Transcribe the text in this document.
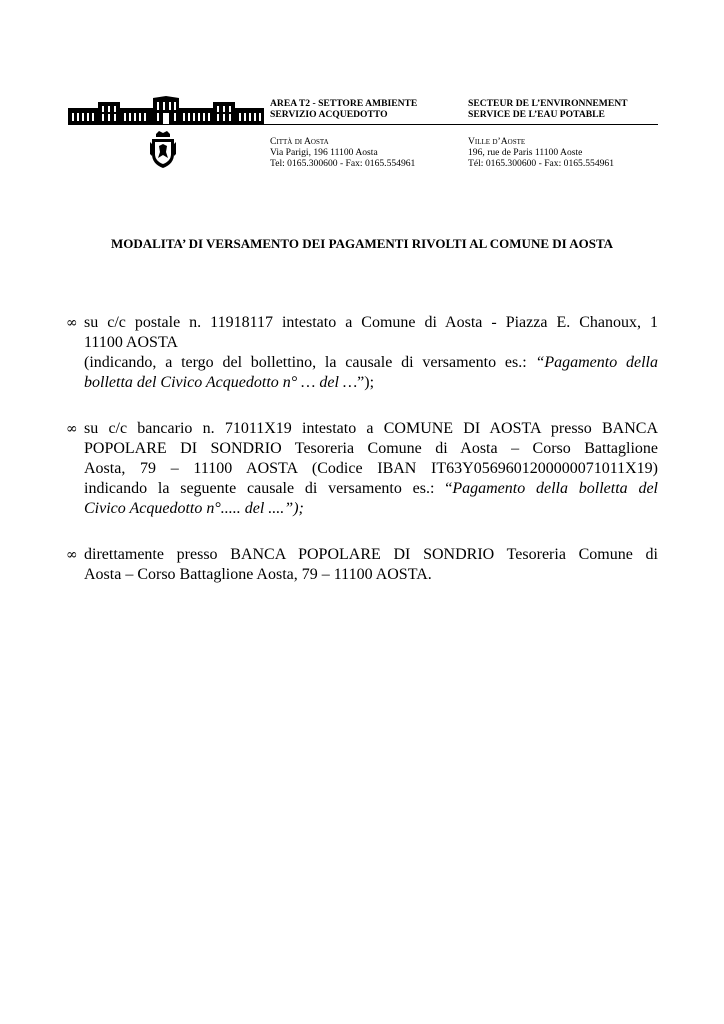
AREA T2 - SETTORE AMBIENTE
SERVIZIO ACQUEDOTTO
SECTEUR DE L’ENVIRONNEMENT
SERVICE DE L’EAU POTABLE
Città di Aosta
Via Parigi, 196 11100 Aosta
Tel: 0165.300600 - Fax: 0165.554961
Ville d’Aoste
196, rue de Paris 11100 Aoste
Tél: 0165.300600 - Fax: 0165.554961
MODALITA’ DI VERSAMENTO DEI PAGAMENTI RIVOLTI AL COMUNE DI AOSTA
∞ su c/c postale n. 11918117 intestato a Comune di Aosta - Piazza E. Chanoux, 1

11100 AOSTA

(indicando, a tergo del bollettino, la causale di versamento es.: “Pagamento della

bolletta del Civico Acquedotto n° … del …”);

∞ su c/c bancario n. 71011X19 intestato a COMUNE DI AOSTA presso BANCA

POPOLARE DI SONDRIO Tesoreria Comune di Aosta – Corso Battaglione

Aosta, 79 – 11100 AOSTA (Codice IBAN IT63Y0569601200000071011X19)

indicando la seguente causale di versamento es.: “Pagamento della bolletta del

Civico Acquedotto n°..... del ....”);

∞ direttamente presso BANCA POPOLARE DI SONDRIO Tesoreria Comune di

Aosta – Corso Battaglione Aosta, 79 – 11100 AOSTA.
